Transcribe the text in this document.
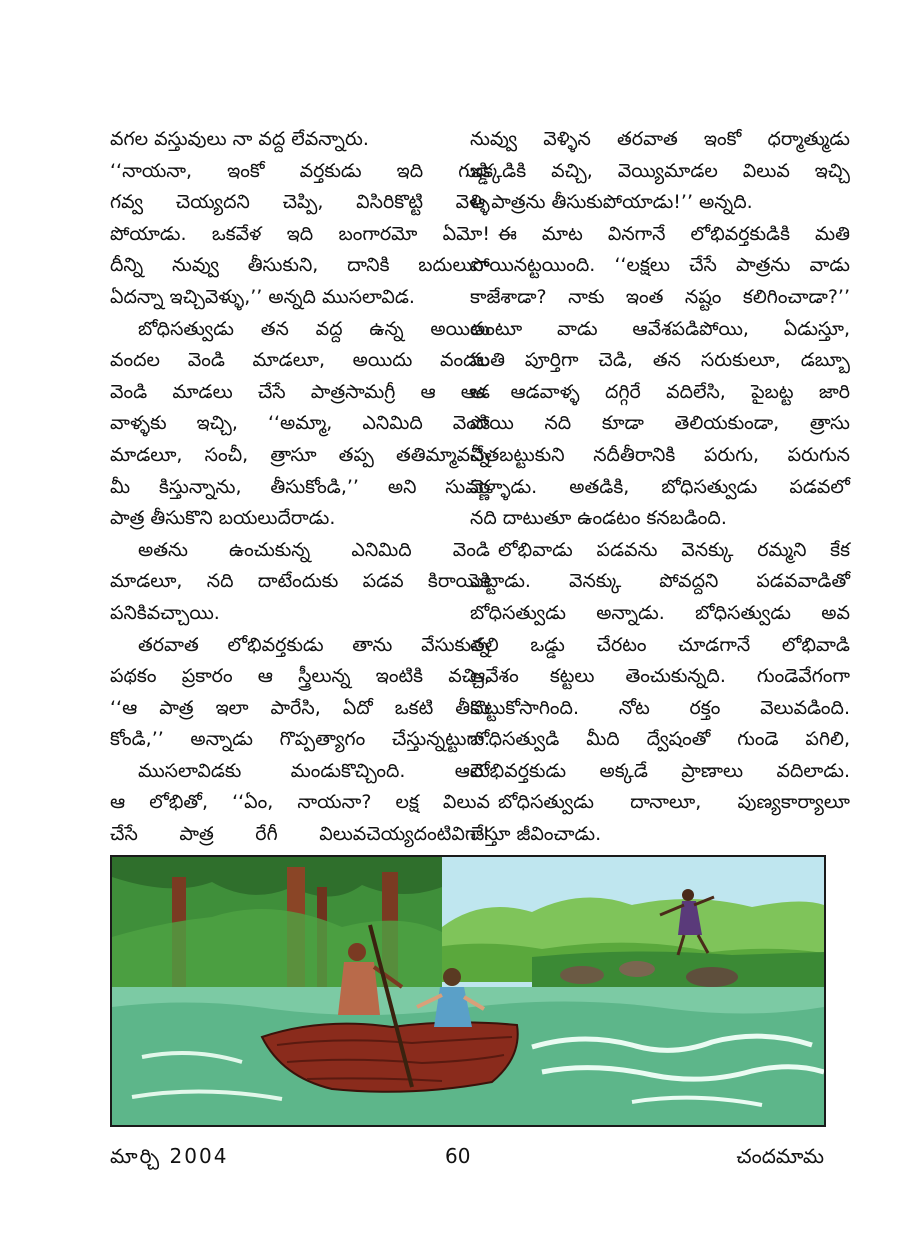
వగల వస్తువులు నా వద్ద లేవన్నారు.

‘‘నాయనా, ఇంకో వర్తకుడు ఇది గుడ్డి

గవ్వ చెయ్యదని చెప్పి, విసిరికొట్టి వెళ్ళి

పోయాడు. ఒకవేళ ఇది బంగారమో ఏమో!

దీన్ని నువ్వు తీసుకుని, దానికి బదులుగా

ఏదన్నా ఇచ్చివెళ్ళు,’’ అన్నది ముసలావిడ.

బోధిసత్వుడు తన వద్ద ఉన్న అయిదు

వందల వెండి మాడలూ, అయిదు వందల

వెండి మాడలు చేసే పాత్రసామగ్రీ ఆ ఆడ

వాళ్ళకు ఇచ్చి, ‘‘అమ్మా, ఎనిమిది వెండి

మాడలూ, సంచీ, త్రాసూ తప్ప తతిమ్మావన్నీ

మీ కిస్తున్నాను, తీసుకోండి,’’ అని సువర్ణ

పాత్ర తీసుకొని బయలుదేరాడు.

అతను ఉంచుకున్న ఎనిమిది వెండి

మాడలూ, నది దాటేందుకు పడవ కిరాయికి

పనికివచ్చాయి.

తరవాత లోభివర్తకుడు తాను వేసుకున్న

పథకం ప్రకారం ఆ స్త్రీలున్న ఇంటికి వచ్చి,

‘‘ఆ పాత్ర ఇలా పారేసి, ఏదో ఒకటి తీసు

కోండి,’’ అన్నాడు గొప్పత్యాగం చేస్తున్నట్టుగా.

ముసలావిడకు మండుకొచ్చింది. ఆమె

ఆ లోభితో, ‘‘ఏం, నాయనా? లక్ష విలువ

చేసే పాత్ర రేగీ విలువచెయ్యదంటివిగా!

నువ్వు వెళ్ళిన తరవాత ఇంకో ధర్మాత్ముడు

ఇక్కడికి వచ్చి, వెయ్యిమాడల విలువ ఇచ్చి

ఆ పాత్రను తీసుకుపోయాడు!’’ అన్నది.

ఈ మాట వినగానే లోభివర్తకుడికి మతి

పోయినట్టయింది. ‘‘లక్షలు చేసే పాత్రను వాడు

కాజేశాడా? నాకు ఇంత నష్టం కలిగించాడా?’’

అంటూ వాడు ఆవేశపడిపోయి, ఏడుస్తూ,

మతి పూర్తిగా చెడి, తన సరుకులూ, డబ్బూ

ఆ ఆడవాళ్ళ దగ్గిరే వదిలేసి, పైబట్ట జారి

పోయి నది కూడా తెలియకుండా, త్రాసు

చేతబట్టుకుని నదీతీరానికి పరుగు, పరుగున

వెళ్ళాడు. అతడికి, బోధిసత్వుడు పడవలో

నది దాటుతూ ఉండటం కనబడింది.

లోభివాడు పడవను వెనక్కు రమ్మని కేక

పెట్టాడు. వెనక్కు పోవద్దని పడవవాడితో

బోధిసత్వుడు అన్నాడు. బోధిసత్వుడు అవ

తలి ఒడ్డు చేరటం చూడగానే లోభివాడి

ఆవేశం కట్టలు తెంచుకున్నది. గుండెవేగంగా

కొట్టుకోసాగింది. నోట రక్తం వెలువడింది.

బోధిసత్వుడి మీది ద్వేషంతో గుండె పగిలి,

లోభివర్తకుడు అక్కడే ప్రాణాలు వదిలాడు.

బోధిసత్వుడు దానాలూ, పుణ్యకార్యాలూ

చేస్తూ జీవించాడు.

మార్చి 2004	60	చందమామ
